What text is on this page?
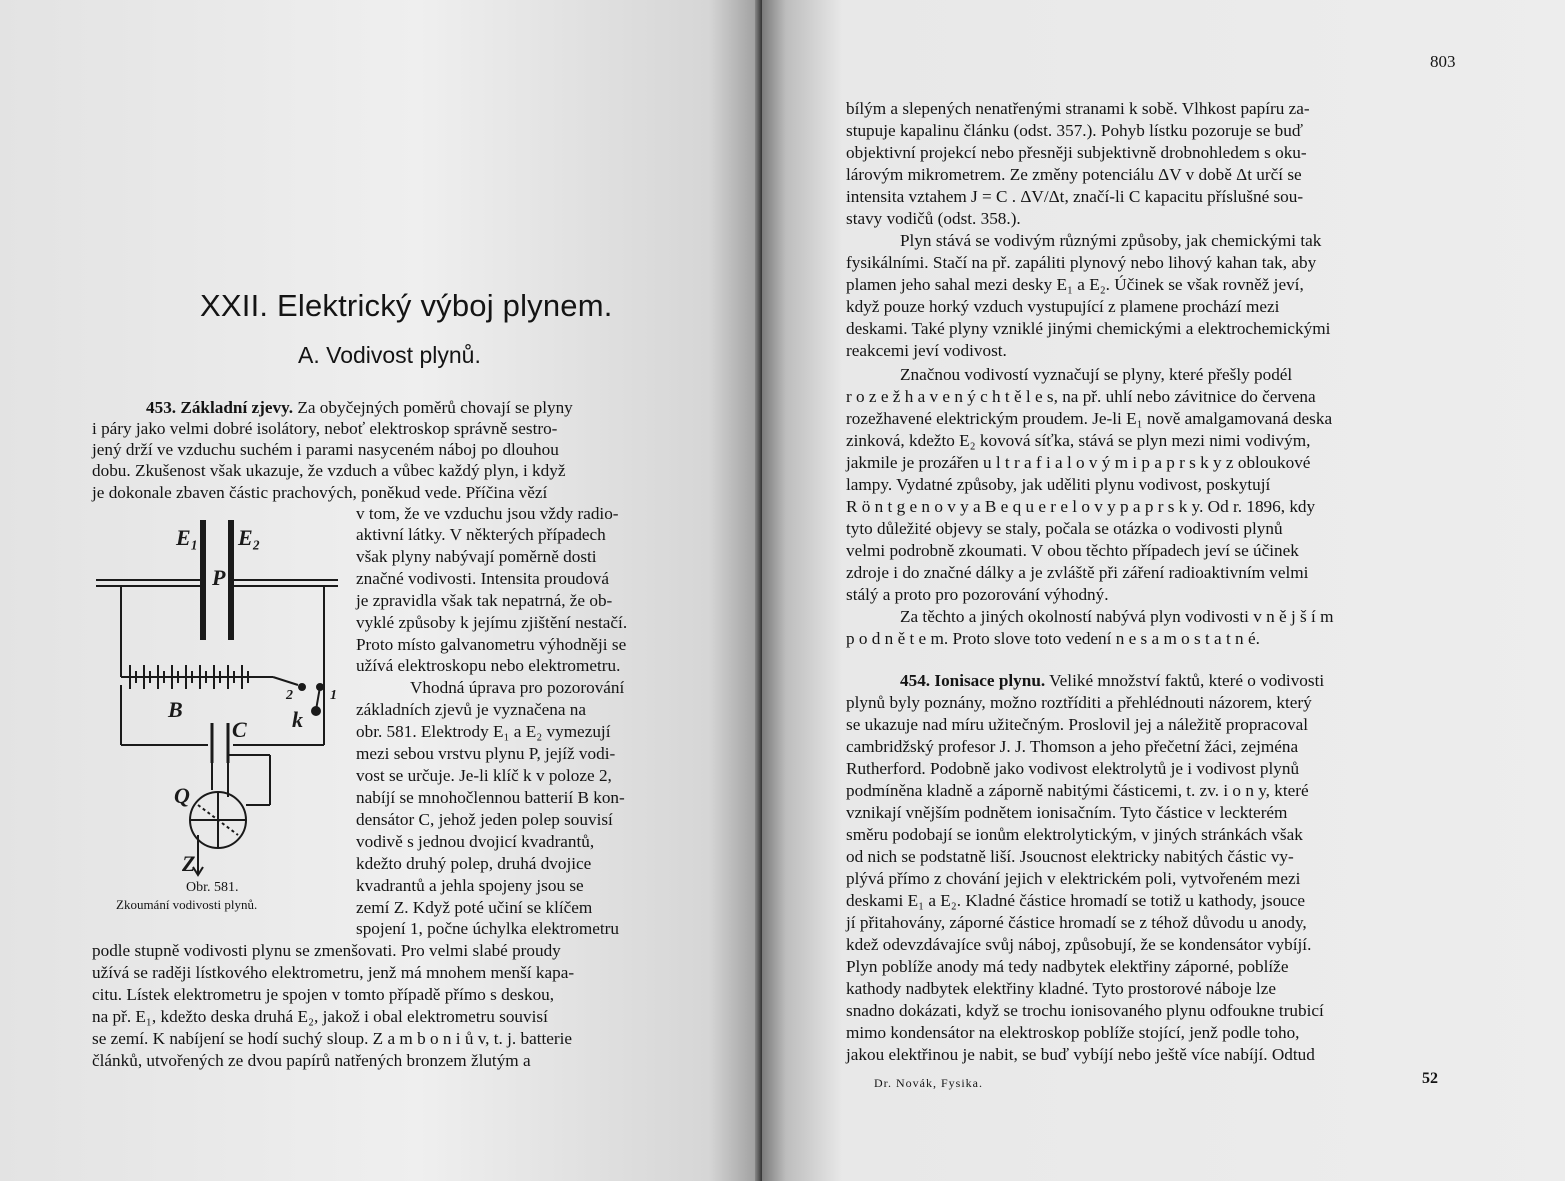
XXII. Elektrický výboj plynem.
A. Vodivost plynů.
453. Základní zjevy. Za obyčejných poměrů chovají se plyny
i páry jako velmi dobré isolátory, neboť elektroskop správně sestro-
jený drží ve vzduchu suchém i parami nasyceném náboj po dlouhou
dobu. Zkušenost však ukazuje, že vzduch a vůbec každý plyn, i když
je dokonale zbaven částic prachových, poněkud vede. Příčina vězí
v tom, že ve vzduchu jsou vždy radio-
aktivní látky. V některých případech
však plyny nabývají poměrně dosti
značné vodivosti. Intensita proudová
je zpravidla však tak nepatrná, že ob-
vyklé způsoby k jejímu zjištění nestačí.
Proto místo galvanometru výhodněji se
užívá elektroskopu nebo elektrometru.
Vhodná úprava pro pozorování
základních zjevů je vyznačena na
obr. 581. Elektrody E₁ a E₂ vymezují
mezi sebou vrstvu plynu P, jejíž vodi-
vost se určuje. Je-li klíč k v poloze 2,
nabíjí se mnohočlennou batterií B kon-
densátor C, jehož jeden polep souvisí
vodivě s jednou dvojicí kvadrantů,
kdežto druhý polep, druhá dvojice
kvadrantů a jehla spojeny jsou se
zemí Z. Když poté učiní se klíčem
spojení 1, počne úchylka elektrometru
podle stupně vodivosti plynu se zmenšovati. Pro velmi slabé proudy
užívá se raději lístkového elektrometru, jenž má mnohem menší kapa-
citu. Lístek elektrometru je spojen v tomto případě přímo s deskou,
na př. E₁, kdežto deska druhá E₂, jakož i obal elektrometru souvisí
se zemí. K nabíjení se hodí suchý sloup. Z a m b o n i ů v, t. j. batterie
článků, utvořených ze dvou papírů natřených bronzem žlutým a
E₁ E₂
P
B
C k
2	1
Q
Z
Obr. 581.
Zkoumání vodivosti plynů.
803
bílým a slepených nenatřenými stranami k sobě. Vlhkost papíru za-
stupuje kapalinu článku (odst. 357.). Pohyb lístku pozoruje se buď
objektivní projekcí nebo přesněji subjektivně drobnohledem s oku-
lárovým mikrometrem. Ze změny potenciálu ΔV v době Δt určí se
intensita vztahem J = C . ΔV/Δt, značí-li C kapacitu příslušné sou-
stavy vodičů (odst. 358.).
Plyn stává se vodivým různými způsoby, jak chemickými tak
fysikálními. Stačí na př. zapáliti plynový nebo lihový kahan tak, aby
plamen jeho sahal mezi desky E₁ a E₂. Účinek se však rovněž jeví,
když pouze horký vzduch vystupující z plamene prochází mezi
deskami. Také plyny vzniklé jinými chemickými a elektrochemickými
reakcemi jeví vodivost.
Značnou vodivostí vyznačují se plyny, které přešly podél
r o z e ž h a v e n ý c h t ě l e s, na př. uhlí nebo závitnice do červena
rozežhavené elektrickým proudem. Je-li E₁ nově amalgamovaná deska
zinková, kdežto E₂ kovová síťka, stává se plyn mezi nimi vodivým,
jakmile je prozářen u l t r a f i a l o v ý m i p a p r s k y z obloukové
lampy. Vydatné způsoby, jak uděliti plynu vodivost, poskytují
R ö n t g e n o v y a B e q u e r e l o v y p a p r s k y. Od r. 1896, kdy
tyto důležité objevy se staly, počala se otázka o vodivosti plynů
velmi podrobně zkoumati. V obou těchto případech jeví se účinek
zdroje i do značné dálky a je zvláště při záření radioaktivním velmi
stálý a proto pro pozorování výhodný.
Za těchto a jiných okolností nabývá plyn vodivosti v n ě j š í m
p o d n ě t e m. Proto slove toto vedení n e s a m o s t a t n é.
454. Ionisace plynu. Veliké množství faktů, které o vodivosti
plynů byly poznány, možno roztříditi a přehlédnouti názorem, který
se ukazuje nad míru užitečným. Proslovil jej a náležitě propracoval
cambridžský profesor J. J. Thomson a jeho přečetní žáci, zejména
Rutherford. Podobně jako vodivost elektrolytů je i vodivost plynů
podmíněna kladně a záporně nabitými částicemi, t. zv. i o n y, které
vznikají vnějším podnětem ionisačním. Tyto částice v leckterém
směru podobají se ionům elektrolytickým, v jiných stránkách však
od nich se podstatně liší. Jsoucnost elektricky nabitých částic vy-
plývá přímo z chování jejich v elektrickém poli, vytvořeném mezi
deskami E₁ a E₂. Kladné částice hromadí se totiž u kathody, jsouce
jí přitahovány, záporné částice hromadí se z téhož důvodu u anody,
kdež odevzdávajíce svůj náboj, způsobují, že se kondensátor vybíjí.
Plyn poblíže anody má tedy nadbytek elektřiny záporné, poblíže
kathody nadbytek elektřiny kladné. Tyto prostorové náboje lze
snadno dokázati, když se trochu ionisovaného plynu odfoukne trubicí
mimo kondensátor na elektroskop poblíže stojící, jenž podle toho,
jakou elektřinou je nabit, se buď vybíjí nebo ještě více nabíjí. Odtud
Dr. Novák, Fysika.	52
